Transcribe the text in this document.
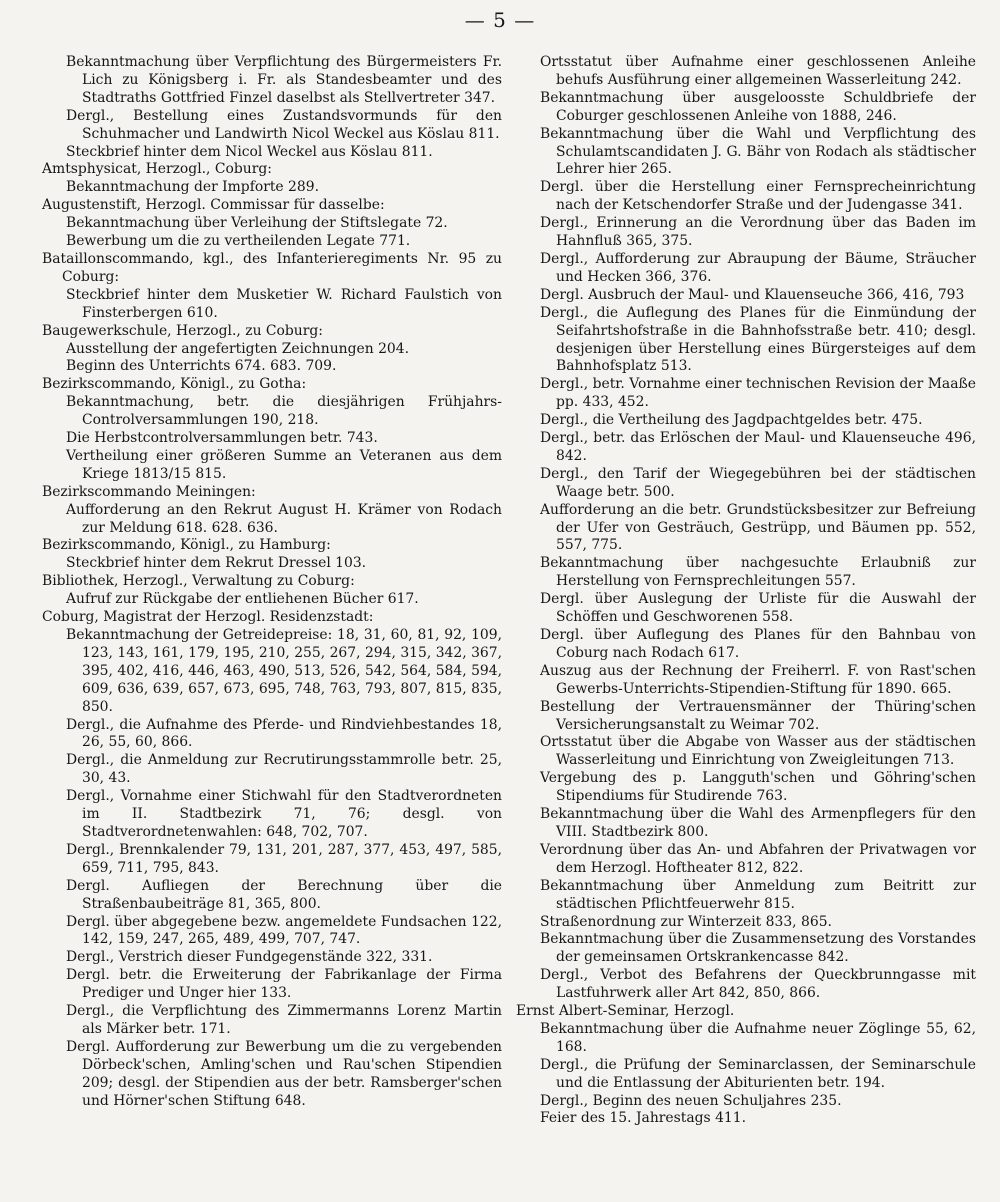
— 5 —
Bekanntmachung über Verpflichtung des Bürgermeisters Fr. Lich zu Königsberg i. Fr. als Standesbeamter und des Stadtraths Gottfried Finzel daselbst als Stellvertreter 347.
Dergl., Bestellung eines Zustandsvormunds für den Schuhmacher und Landwirth Nicol Weckel aus Köslau 811.
Steckbrief hinter dem Nicol Weckel aus Köslau 811.
Amtsphysicat, Herzogl., Coburg:
Bekanntmachung der Impforte 289.
Augustenstift, Herzogl. Commissar für dasselbe:
Bekanntmachung über Verleihung der Stiftslegate 72.
Bewerbung um die zu vertheilenden Legate 771.
Bataillonscommando, kgl., des Infanterieregiments Nr. 95 zu Coburg:
Steckbrief hinter dem Musketier W. Richard Faulstich von Finsterbergen 610.
Baugewerkschule, Herzogl., zu Coburg:
Ausstellung der angefertigten Zeichnungen 204.
Beginn des Unterrichts 674. 683. 709.
Bezirkscommando, Königl., zu Gotha:
Bekanntmachung, betr. die diesjährigen Frühjahrs-Controlversammlungen 190, 218.
Die Herbstcontrolversammlungen betr. 743.
Vertheilung einer größeren Summe an Veteranen aus dem Kriege 1813/15 815.
Bezirkscommando Meiningen:
Aufforderung an den Rekrut August H. Krämer von Rodach zur Meldung 618. 628. 636.
Bezirkscommando, Königl., zu Hamburg:
Steckbrief hinter dem Rekrut Dressel 103.
Bibliothek, Herzogl., Verwaltung zu Coburg:
Aufruf zur Rückgabe der entliehenen Bücher 617.
Coburg, Magistrat der Herzogl. Residenzstadt:
Bekanntmachung der Getreidepreise: 18, 31, 60, 81, 92, 109, 123, 143, 161, 179, 195, 210, 255, 267, 294, 315, 342, 367, 395, 402, 416, 446, 463, 490, 513, 526, 542, 564, 584, 594, 609, 636, 639, 657, 673, 695, 748, 763, 793, 807, 815, 835, 850.
Dergl., die Aufnahme des Pferde- und Rindviehbestandes 18, 26, 55, 60, 866.
Dergl., die Anmeldung zur Recrutirungsstammrolle betr. 25, 30, 43.
Dergl., Vornahme einer Stichwahl für den Stadtverordneten im II. Stadtbezirk 71, 76; desgl. von Stadtverordnetenwahlen: 648, 702, 707.
Dergl., Brennkalender 79, 131, 201, 287, 377, 453, 497, 585, 659, 711, 795, 843.
Dergl. Aufliegen der Berechnung über die Straßenbaubeiträge 81, 365, 800.
Dergl. über abgegebene bezw. angemeldete Fundsachen 122, 142, 159, 247, 265, 489, 499, 707, 747.
Dergl., Verstrich dieser Fundgegenstände 322, 331.
Dergl. betr. die Erweiterung der Fabrikanlage der Firma Prediger und Unger hier 133.
Dergl., die Verpflichtung des Zimmermanns Lorenz Martin als Märker betr. 171.
Dergl. Aufforderung zur Bewerbung um die zu vergebenden Dörbeck'schen, Amling'schen und Rau'schen Stipendien 209; desgl. der Stipendien aus der betr. Ramsberger'schen und Hörner'schen Stiftung 648.
Ortsstatut über Aufnahme einer geschlossenen Anleihe behufs Ausführung einer allgemeinen Wasserleitung 242.
Bekanntmachung über ausgeloosste Schuldbriefe der Coburger geschlossenen Anleihe von 1888, 246.
Bekanntmachung über die Wahl und Verpflichtung des Schulamtscandidaten J. G. Bähr von Rodach als städtischer Lehrer hier 265.
Dergl. über die Herstellung einer Fernsprecheinrichtung nach der Ketschendorfer Straße und der Judengasse 341.
Dergl., Erinnerung an die Verordnung über das Baden im Hahnfluß 365, 375.
Dergl., Aufforderung zur Abraupung der Bäume, Sträucher und Hecken 366, 376.
Dergl. Ausbruch der Maul- und Klauenseuche 366, 416, 793
Dergl., die Auflegung des Planes für die Einmündung der Seifahrtshofstraße in die Bahnhofsstraße betr. 410; desgl. desjenigen über Herstellung eines Bürgersteiges auf dem Bahnhofsplatz 513.
Dergl., betr. Vornahme einer technischen Revision der Maaße pp. 433, 452.
Dergl., die Vertheilung des Jagdpachtgeldes betr. 475.
Dergl., betr. das Erlöschen der Maul- und Klauenseuche 496, 842.
Dergl., den Tarif der Wiegegebühren bei der städtischen Waage betr. 500.
Aufforderung an die betr. Grundstücksbesitzer zur Befreiung der Ufer von Gesträuch, Gestrüpp, und Bäumen pp. 552, 557, 775.
Bekanntmachung über nachgesuchte Erlaubniß zur Herstellung von Fernsprechleitungen 557.
Dergl. über Auslegung der Urliste für die Auswahl der Schöffen und Geschworenen 558.
Dergl. über Auflegung des Planes für den Bahnbau von Coburg nach Rodach 617.
Auszug aus der Rechnung der Freiherrl. F. von Rast'schen Gewerbs-Unterrichts-Stipendien-Stiftung für 1890. 665.
Bestellung der Vertrauensmänner der Thüring'schen Versicherungsanstalt zu Weimar 702.
Ortsstatut über die Abgabe von Wasser aus der städtischen Wasserleitung und Einrichtung von Zweigleitungen 713.
Vergebung des p. Langguth'schen und Göhring'schen Stipendiums für Studirende 763.
Bekanntmachung über die Wahl des Armenpflegers für den VIII. Stadtbezirk 800.
Verordnung über das An- und Abfahren der Privatwagen vor dem Herzogl. Hoftheater 812, 822.
Bekanntmachung über Anmeldung zum Beitritt zur städtischen Pflichtfeuerwehr 815.
Straßenordnung zur Winterzeit 833, 865.
Bekanntmachung über die Zusammensetzung des Vorstandes der gemeinsamen Ortskrankencasse 842.
Dergl., Verbot des Befahrens der Queckbrunngasse mit Lastfuhrwerk aller Art 842, 850, 866.
Ernst Albert-Seminar, Herzogl.
Bekanntmachung über die Aufnahme neuer Zöglinge 55, 62, 168.
Dergl., die Prüfung der Seminarclassen, der Seminarschule und die Entlassung der Abiturienten betr. 194.
Dergl., Beginn des neuen Schuljahres 235.
Feier des 15. Jahrestags 411.
